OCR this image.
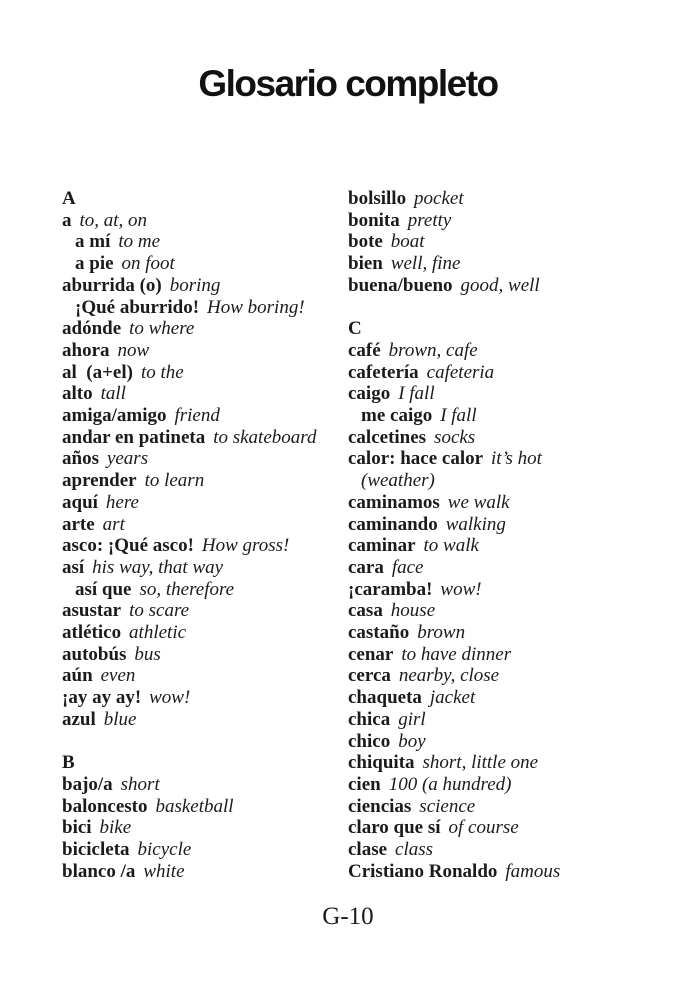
Glosario completo
A
a to, at, on
a mí to me
a pie on foot
aburrida (o) boring
¡Qué aburrido! How boring!
adónde to where
ahora now
al  (a+el) to the
alto tall
amiga/amigo friend
andar en patineta to skateboard
años years
aprender to learn
aquí here
arte art
asco: ¡Qué asco! How gross!
así his way, that way
así que so, therefore
asustar to scare
atlético athletic
autobús bus
aún even
¡ay ay ay! wow!
azul blue
B
bajo/a short
baloncesto basketball
bici bike
bicicleta bicycle
blanco /a white
bolsillo pocket
bonita pretty
bote boat
bien well, fine
buena/bueno good, well
C
café brown, cafe
cafetería cafeteria
caigo I fall
me caigo I fall
calcetines socks
calor: hace calor it’s hot
(weather)
caminamos we walk
caminando walking
caminar to walk
cara face
¡caramba! wow!
casa house
castaño brown
cenar to have dinner
cerca nearby, close
chaqueta jacket
chica girl
chico boy
chiquita short, little one
cien 100 (a hundred)
ciencias science
claro que sí of course
clase class
Cristiano Ronaldo famous
G-10
